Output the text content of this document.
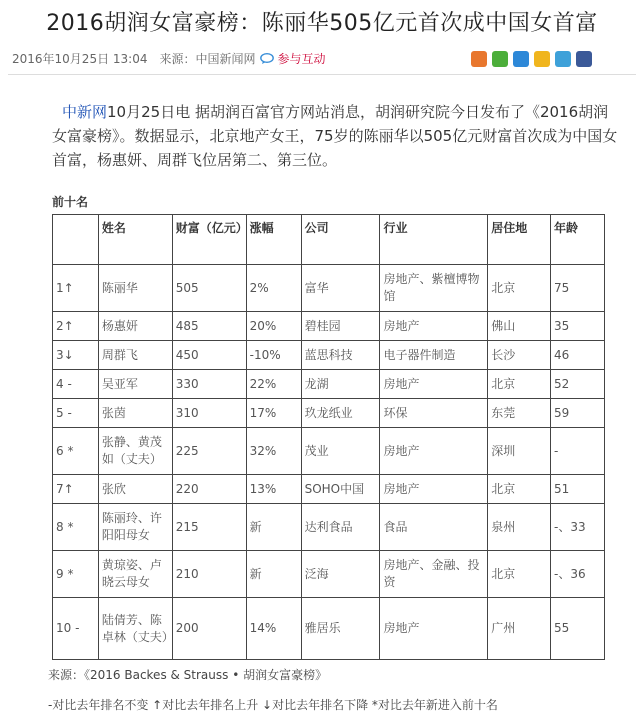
2016胡润女富豪榜：陈丽华505亿元首次成中国女首富
2016年10月25日 13:04 来源：中国新闻网 参与互动

中新网10月25日电 据胡润百富官方网站消息，胡润研究院今日发布了《2016胡润女富豪榜》。数据显示，北京地产女王，75岁的陈丽华以505亿元财富首次成为中国女首富，杨惠妍、周群飞位居第二、第三位。

前十名
	姓名	财富（亿元）	涨幅	公司	行业	居住地	年龄
1↑	陈丽华	505	2%	富华	房地产、紫檀博物馆	北京	75
2↑	杨惠妍	485	20%	碧桂园	房地产	佛山	35
3↓	周群飞	450	-10%	蓝思科技	电子器件制造	长沙	46
4 -	吴亚军	330	22%	龙湖	房地产	北京	52
5 -	张茵	310	17%	玖龙纸业	环保	东莞	59
6 *	张静、黄茂如（丈夫）	225	32%	茂业	房地产	深圳	-
7↑	张欣	220	13%	SOHO中国	房地产	北京	51
8 *	陈丽玲、许阳阳母女	215	新	达利食品	食品	泉州	-、33
9 *	黄琼姿、卢晓云母女	210	新	泛海	房地产、金融、投资	北京	-、36
10 -	陆倩芳、陈卓林（丈夫）	200	14%	雅居乐	房地产	广州	55
来源：《2016 Backes & Strauss • 胡润女富豪榜》
-对比去年排名不变 ↑对比去年排名上升 ↓对比去年排名下降 *对比去年新进入前十名
